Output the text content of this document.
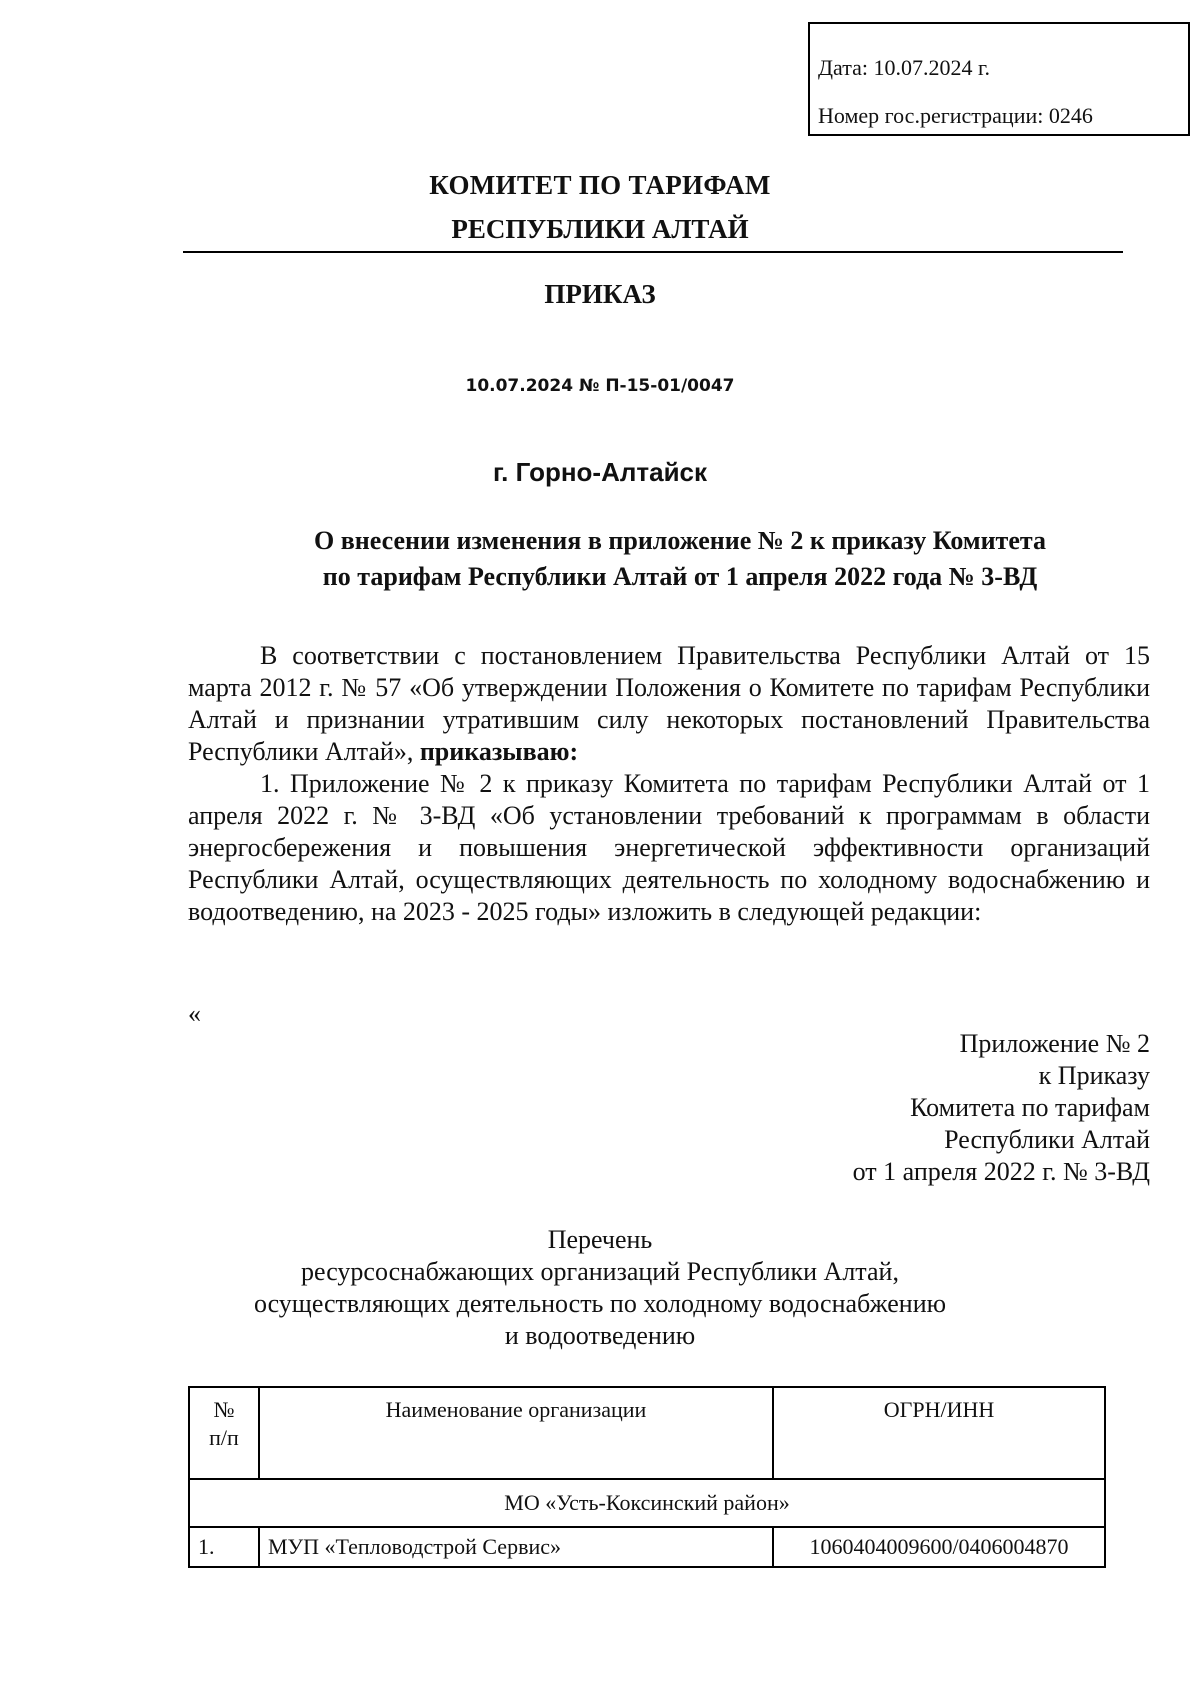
Дата: 10.07.2024 г.
Номер гос.регистрации: 0246
КОМИТЕТ ПО ТАРИФАМ
РЕСПУБЛИКИ АЛТАЙ
ПРИКАЗ
10.07.2024 № П-15-01/0047
г. Горно-Алтайск
О внесении изменения в приложение № 2 к приказу Комитета
по тарифам Республики Алтай от 1 апреля 2022 года № 3-ВД

В соответствии с постановлением Правительства Республики Алтай от 15 марта 2012 г. № 57 «Об утверждении Положения о Комитете по тарифам Республики Алтай и признании утратившим силу некоторых постановлений Правительства Республики Алтай», приказываю:

1. Приложение № 2 к приказу Комитета по тарифам Республики Алтай от 1 апреля 2022 г. № 3-ВД «Об установлении требований к программам в области энергосбережения и повышения энергетической эффективности организаций Республики Алтай, осуществляющих деятельность по холодному водоснабжению и водоотведению, на 2023 - 2025 годы» изложить в следующей редакции:

«
Приложение № 2
к Приказу
Комитета по тарифам
Республики Алтай
от 1 апреля 2022 г. № 3-ВД
Перечень
ресурсоснабжающих организаций Республики Алтай,
осуществляющих деятельность по холодному водоснабжению
и водоотведению
№
п/п	Наименование организации	ОГРН/ИНН
МО «Усть-Коксинский район»		
1.	МУП «Тепловодстрой Сервис»	1060404009600/0406004870
